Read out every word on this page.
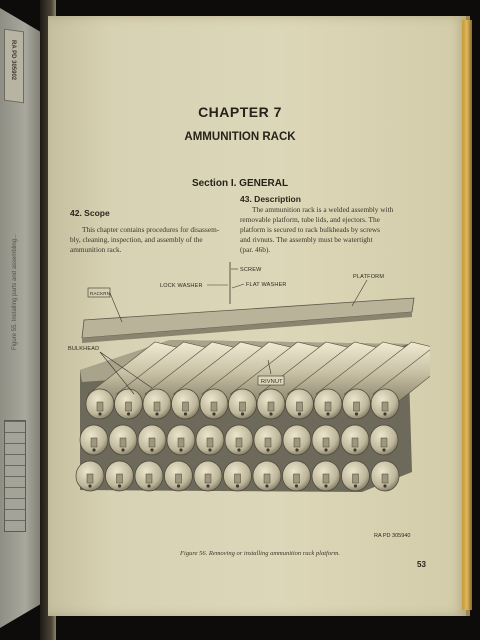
RA PD 305902
Figure 55. Installing parts and assembling...
CHAPTER 7
AMMUNITION RACK
Section I. GENERAL
42. Scope
This chapter contains procedures for disassem-
bly, cleaning, inspection, and assembly of the
ammunition rack.
43. Description
The ammunition rack is a welded assembly with
removable platform, tube lids, and ejectors. The
platform is secured to rack bulkheads by screws
and rivnuts. The assembly must be watertight
(par. 46b).
SCREW
LOCK WASHER	FLAT WASHER
PLATFORM
RACKRN
BULKHEAD
RIVNUT
RA PD 305940
Figure 56. Removing or installing ammunition rack platform.
53
